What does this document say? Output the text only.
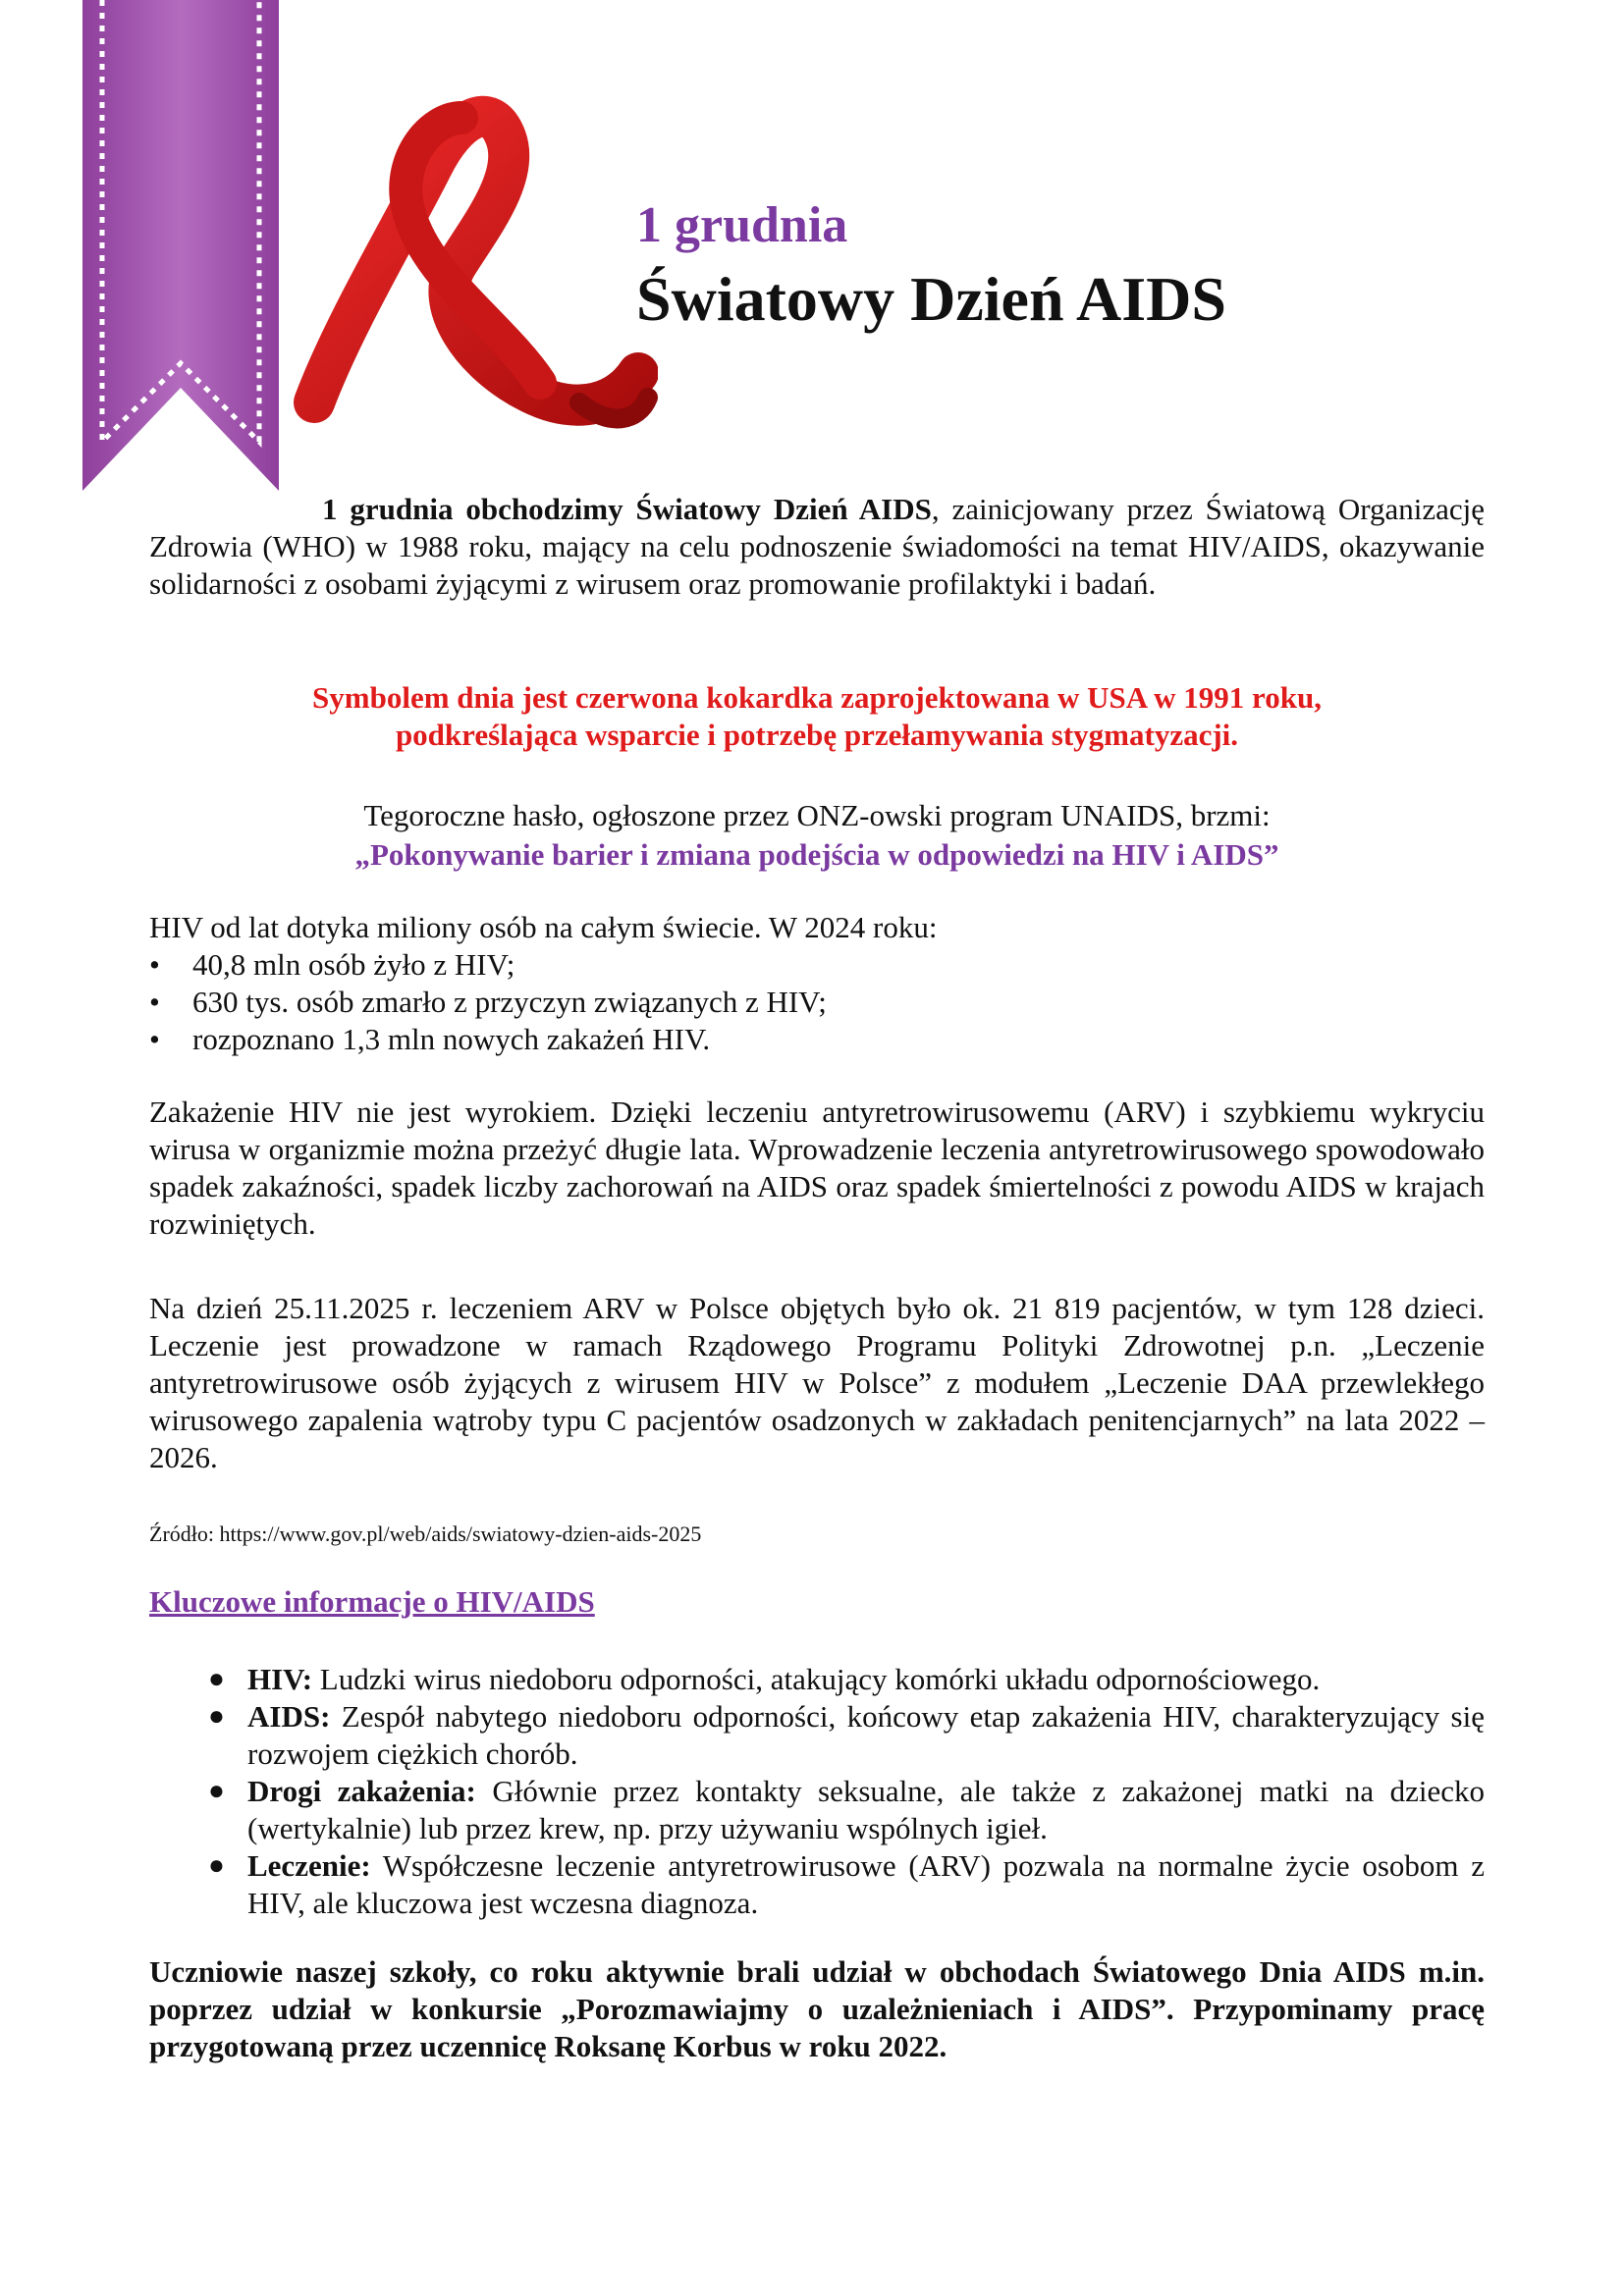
1 grudnia
Światowy Dzień AIDS

1 grudnia obchodzimy Światowy Dzień AIDS, zainicjowany przez Światową Organizację Zdrowia (WHO) w 1988 roku, mający na celu podnoszenie świadomości na temat HIV/AIDS, okazywanie solidarności z osobami żyjącymi z wirusem oraz promowanie profilaktyki i badań.

Symbolem dnia jest czerwona kokardka zaprojektowana w USA w 1991 roku,
podkreślająca wsparcie i potrzebę przełamywania stygmatyzacji.
Tegoroczne hasło, ogłoszone przez ONZ-owski program UNAIDS, brzmi:
„Pokonywanie barier i zmiana podejścia w odpowiedzi na HIV i AIDS”
HIV od lat dotyka miliony osób na całym świecie. W 2024 roku:
• 40,8 mln osób żyło z HIV;
• 630 tys. osób zmarło z przyczyn związanych z HIV;
• rozpoznano 1,3 mln nowych zakażeń HIV.

Zakażenie HIV nie jest wyrokiem. Dzięki leczeniu antyretrowirusowemu (ARV) i szybkiemu wykryciu wirusa w organizmie można przeżyć długie lata. Wprowadzenie leczenia antyretrowirusowego spowodowało spadek zakaźności, spadek liczby zachorowań na AIDS oraz spadek śmiertelności z powodu AIDS w krajach rozwiniętych.

Na dzień 25.11.2025 r. leczeniem ARV w Polsce objętych było ok. 21 819 pacjentów, w tym 128 dzieci. Leczenie jest prowadzone w ramach Rządowego Programu Polityki Zdrowotnej p.n. „Leczenie antyretrowirusowe osób żyjących z wirusem HIV w Polsce” z modułem „Leczenie DAA przewlekłego wirusowego zapalenia wątroby typu C pacjentów osadzonych w zakładach penitencjarnych” na lata 2022 – 2026.

Źródło: https://www.gov.pl/web/aids/swiatowy-dzien-aids-2025
Kluczowe informacje o HIV/AIDS
● HIV: Ludzki wirus niedoboru odporności, atakujący komórki układu odpornościowego.
● AIDS: Zespół nabytego niedoboru odporności, końcowy etap zakażenia HIV, charakteryzujący się rozwojem ciężkich chorób.
● Drogi zakażenia: Głównie przez kontakty seksualne, ale także z zakażonej matki na dziecko (wertykalnie) lub przez krew, np. przy używaniu wspólnych igieł.
● Leczenie: Współczesne leczenie antyretrowirusowe (ARV) pozwala na normalne życie osobom z HIV, ale kluczowa jest wczesna diagnoza.

Uczniowie naszej szkoły, co roku aktywnie brali udział w obchodach Światowego Dnia AIDS m.in. poprzez udział w konkursie „Porozmawiajmy o uzależnieniach i AIDS”. Przypominamy pracę przygotowaną przez uczennicę Roksanę Korbus w roku 2022.
